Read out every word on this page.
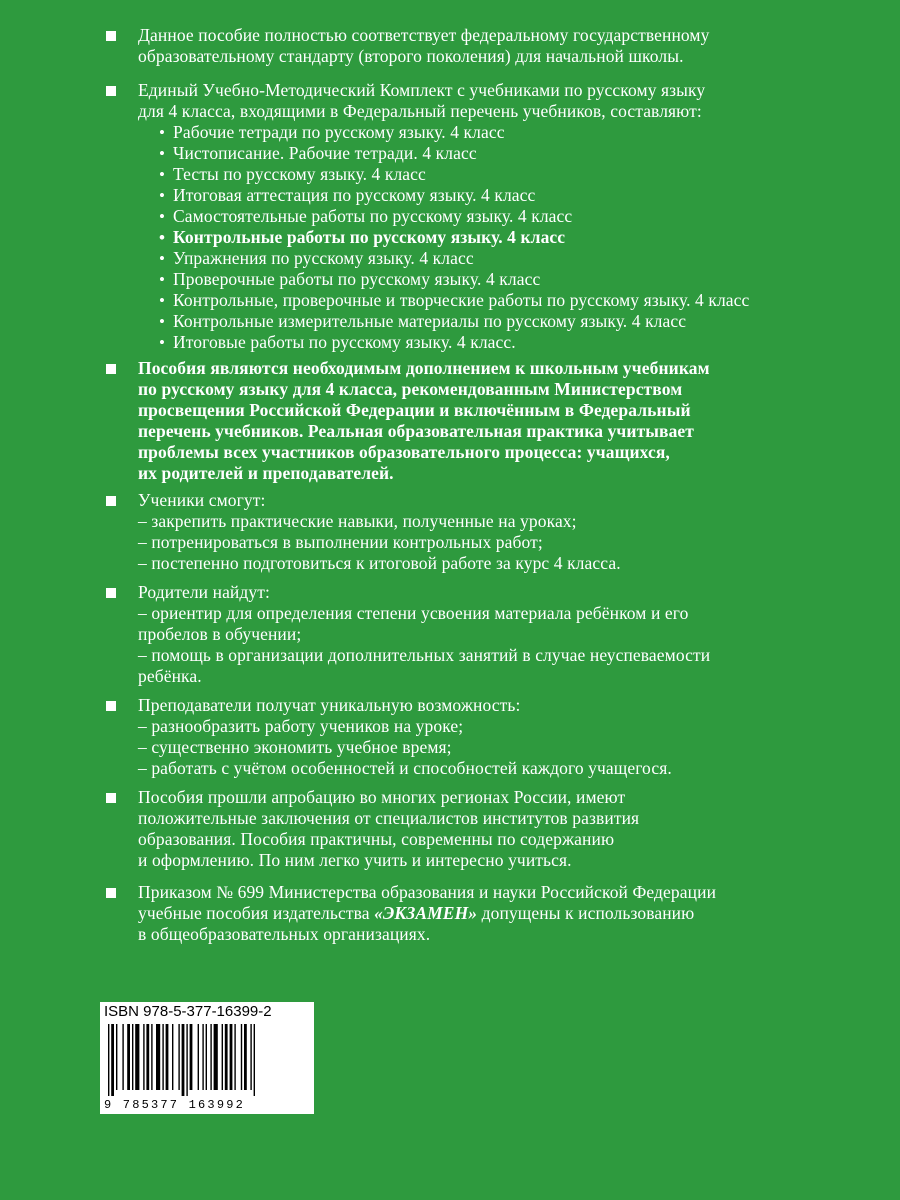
Данное пособие полностью соответствует федеральному государственному
образовательному стандарту (второго поколения) для начальной школы.
Единый Учебно-Методический Комплект с учебниками по русскому языку
для 4 класса, входящими в Федеральный перечень учебников, составляют:
• Рабочие тетради по русскому языку. 4 класс
• Чистописание. Рабочие тетради. 4 класс
• Тесты по русскому языку. 4 класс
• Итоговая аттестация по русскому языку. 4 класс
• Самостоятельные работы по русскому языку. 4 класс
• Контрольные работы по русскому языку. 4 класс
• Упражнения по русскому языку. 4 класс
• Проверочные работы по русскому языку. 4 класс
• Контрольные, проверочные и творческие работы по русскому языку. 4 класс
• Контрольные измерительные материалы по русскому языку. 4 класс
• Итоговые работы по русскому языку. 4 класс.
Пособия являются необходимым дополнением к школьным учебникам
по русскому языку для 4 класса, рекомендованным Министерством
просвещения Российской Федерации и включённым в Федеральный
перечень учебников. Реальная образовательная практика учитывает
проблемы всех участников образовательного процесса: учащихся,
их родителей и преподавателей.
Ученики смогут:
– закрепить практические навыки, полученные на уроках;
– потренироваться в выполнении контрольных работ;
– постепенно подготовиться к итоговой работе за курс 4 класса.
Родители найдут:
– ориентир для определения степени усвоения материала ребёнком и его
пробелов в обучении;
– помощь в организации дополнительных занятий в случае неуспеваемости
ребёнка.
Преподаватели получат уникальную возможность:
– разнообразить работу учеников на уроке;
– существенно экономить учебное время;
– работать с учётом особенностей и способностей каждого учащегося.
Пособия прошли апробацию во многих регионах России, имеют
положительные заключения от специалистов институтов развития
образования. Пособия практичны, современны по содержанию
и оформлению. По ним легко учить и интересно учиться.
Приказом № 699 Министерства образования и науки Российской Федерации
учебные пособия издательства «ЭКЗАМЕН» допущены к использованию
в общеобразовательных организациях.
ISBN 978-5-377-16399-2
9 785377 163992
